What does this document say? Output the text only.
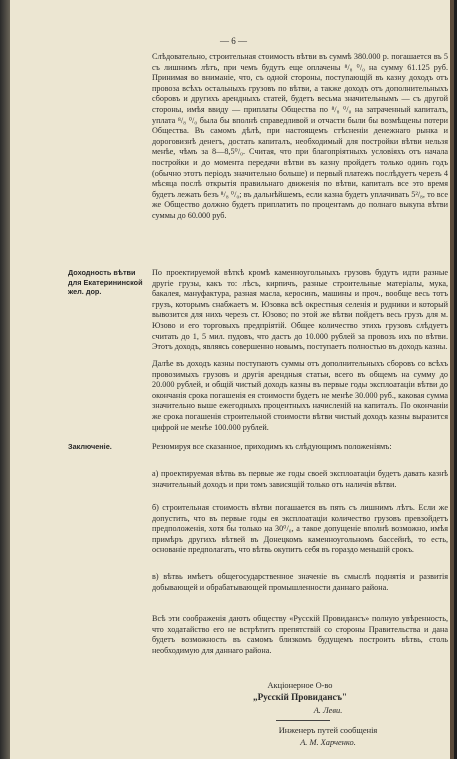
— 6 —
Слѣдовательно, строительная стоимость вѣтви въ суммѣ 380.000 р. погашается въ 5 съ лишнимъ лѣтъ, при чемъ будутъ еще оплачены ⁸/₈ ⁰/₀ на сумму 61.125 руб. Принимая во вниманіе, что, съ одной стороны, поступающій въ казну доходъ отъ провоза всѣхъ остальныхъ грузовъ по вѣтви, а также доходъ отъ дополнительныхъ сборовъ и другихъ арендныхъ статей, будетъ весьма значительнымъ — съ другой стороны, имѣя ввиду — приплаты Общества по ⁸/₈ ⁰/₀ на затраченный капиталъ, уплата ⁸/₈ ⁰/₀ была бы вполнѣ справедливой и отчасти были бы возмѣщены потери Общества. Въ самомъ дѣлѣ, при настоящемъ стѣсненіи денежнаго рынка и дороговизнѣ денегъ, достать капиталъ, необходимый для постройки вѣтви нельзя менѣе, чѣмъ за 8—8,5⁰/₀. Считая, что при благопріятныхъ условіяхъ отъ начала постройки и до момента передачи вѣтви въ казну пройдетъ только одинъ годъ (обычно этотъ періодъ значительно больше) и первый платежъ послѣдуетъ черезъ 4 мѣсяца послѣ открытія правильнаго движенія по вѣтви, капиталъ все это время будетъ лежать безъ ⁸/₈ ⁰/₀; въ дальнѣйшемъ, если казна будетъ уплачивать 5²/₈, то все же Общество должно будетъ приплатить по процентамъ до полнаго выкупа вѣтви суммы до 60.000 руб.
Доходность вѣтви для Екатерининской жел. дор.
По проектируемой вѣткѣ кромѣ каменноугольныхъ грузовъ будутъ идти разные другіе грузы, какъ то: лѣсъ, кирпичъ, разные строительные матеріалы, мука, бакалея, мануфактура, разная масла, керосинъ, машины и проч., вообще весь тотъ грузъ, которымъ снабжаетъ м. Юзовка всѣ окрестныя селенія и рудники и который вывозится для нихъ черезъ ст. Юзово; по этой же вѣтви пойдетъ весь грузъ для м. Юзово и его торговыхъ предпріятій. Общее количество этихъ грузовъ слѣдуетъ считать до 1, 5 мил. пудовъ, что дастъ до 10.000 рублей за провозъ ихъ по вѣтви. Этотъ доходъ, являясь совершенно новымъ, поступаетъ полностью въ доходъ казны.
Далѣе въ доходъ казны поступаютъ суммы отъ дополнительныхъ сборовъ со всѣхъ провозимыхъ грузовъ и другія арендныя статьи, всего въ общемъ на сумму до 20.000 рублей, и общій чистый доходъ казны въ первые годы эксплоатаціи вѣтви до окончанія срока погашенія ея стоимости будетъ не менѣе 30.000 руб., каковая сумма значительно выше ежегодныхъ процентныхъ начисленій на капиталъ. По окончаніи же срока погашенія строительной стоимости вѣтви чистый доходъ казны выразится цифрой не менѣе 100.000 рублей.
Заключеніе.	Резюмируя все сказанное, приходимъ къ слѣдующимъ положеніямъ:
а) проектируемая вѣтвь въ первые же годы своей эксплоатаціи будетъ давать казнѣ значительный доходъ и при томъ зависящій только отъ наличія вѣтви.
б) строительная стоимость вѣтви погашается въ пять съ лишнимъ лѣтъ. Если же допустить, что въ первые годы ея эксплоатаціи количество грузовъ превзойдетъ предположенія, хотя бы только на 30⁰/₀, а такое допущеніе вполнѣ возможно, имѣя примѣръ другихъ вѣтвей въ Донецкомъ каменноугольномъ бассейнѣ, то есть, основаніе предполагать, что вѣтвь окупитъ себя въ гораздо меньшій срокъ.
в) вѣтвь имѣетъ общегосударственное значеніе въ смыслѣ поднятія и развитія добывающей и обрабатывающей промышленности даннаго района.
Всѣ эти соображенія даютъ обществу «Русскій Провидансъ» полную увѣренность, что ходатайство его не встрѣтитъ препятствій со стороны Правительства и дана будетъ возможность въ самомъ близкомъ будущемъ построить вѣтвь, столь необходимую для даннаго района.
Акціонерное О-во
„Русскій Провидансъ"
А. Леви.
Инженеръ путей сообщенія
А. М. Харченко.
